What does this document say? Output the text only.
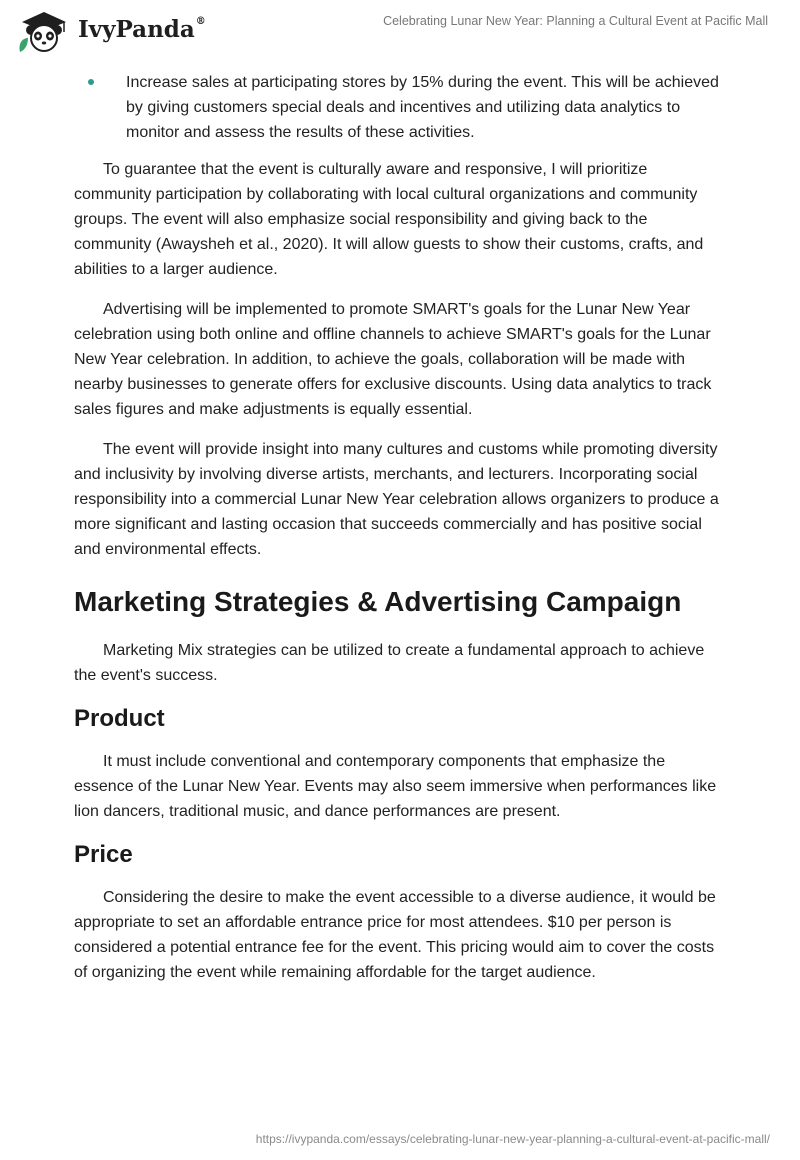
IvyPanda®	Celebrating Lunar New Year: Planning a Cultural Event at Pacific Mall
Increase sales at participating stores by 15% during the event. This will be achieved by giving customers special deals and incentives and utilizing data analytics to monitor and assess the results of these activities.

To guarantee that the event is culturally aware and responsive, I will prioritize community participation by collaborating with local cultural organizations and community groups. The event will also emphasize social responsibility and giving back to the community (Awaysheh et al., 2020). It will allow guests to show their customs, crafts, and abilities to a larger audience.

Advertising will be implemented to promote SMART's goals for the Lunar New Year celebration using both online and offline channels to achieve SMART's goals for the Lunar New Year celebration. In addition, to achieve the goals, collaboration will be made with nearby businesses to generate offers for exclusive discounts. Using data analytics to track sales figures and make adjustments is equally essential.

The event will provide insight into many cultures and customs while promoting diversity and inclusivity by involving diverse artists, merchants, and lecturers. Incorporating social responsibility into a commercial Lunar New Year celebration allows organizers to produce a more significant and lasting occasion that succeeds commercially and has positive social and environmental effects.

Marketing Strategies & Advertising Campaign

Marketing Mix strategies can be utilized to create a fundamental approach to achieve the event's success.

Product

It must include conventional and contemporary components that emphasize the essence of the Lunar New Year. Events may also seem immersive when performances like lion dancers, traditional music, and dance performances are present.

Price

Considering the desire to make the event accessible to a diverse audience, it would be appropriate to set an affordable entrance price for most attendees. $10 per person is considered a potential entrance fee for the event. This pricing would aim to cover the costs of organizing the event while remaining affordable for the target audience.

https://ivypanda.com/essays/celebrating-lunar-new-year-planning-a-cultural-event-at-pacific-mall/
